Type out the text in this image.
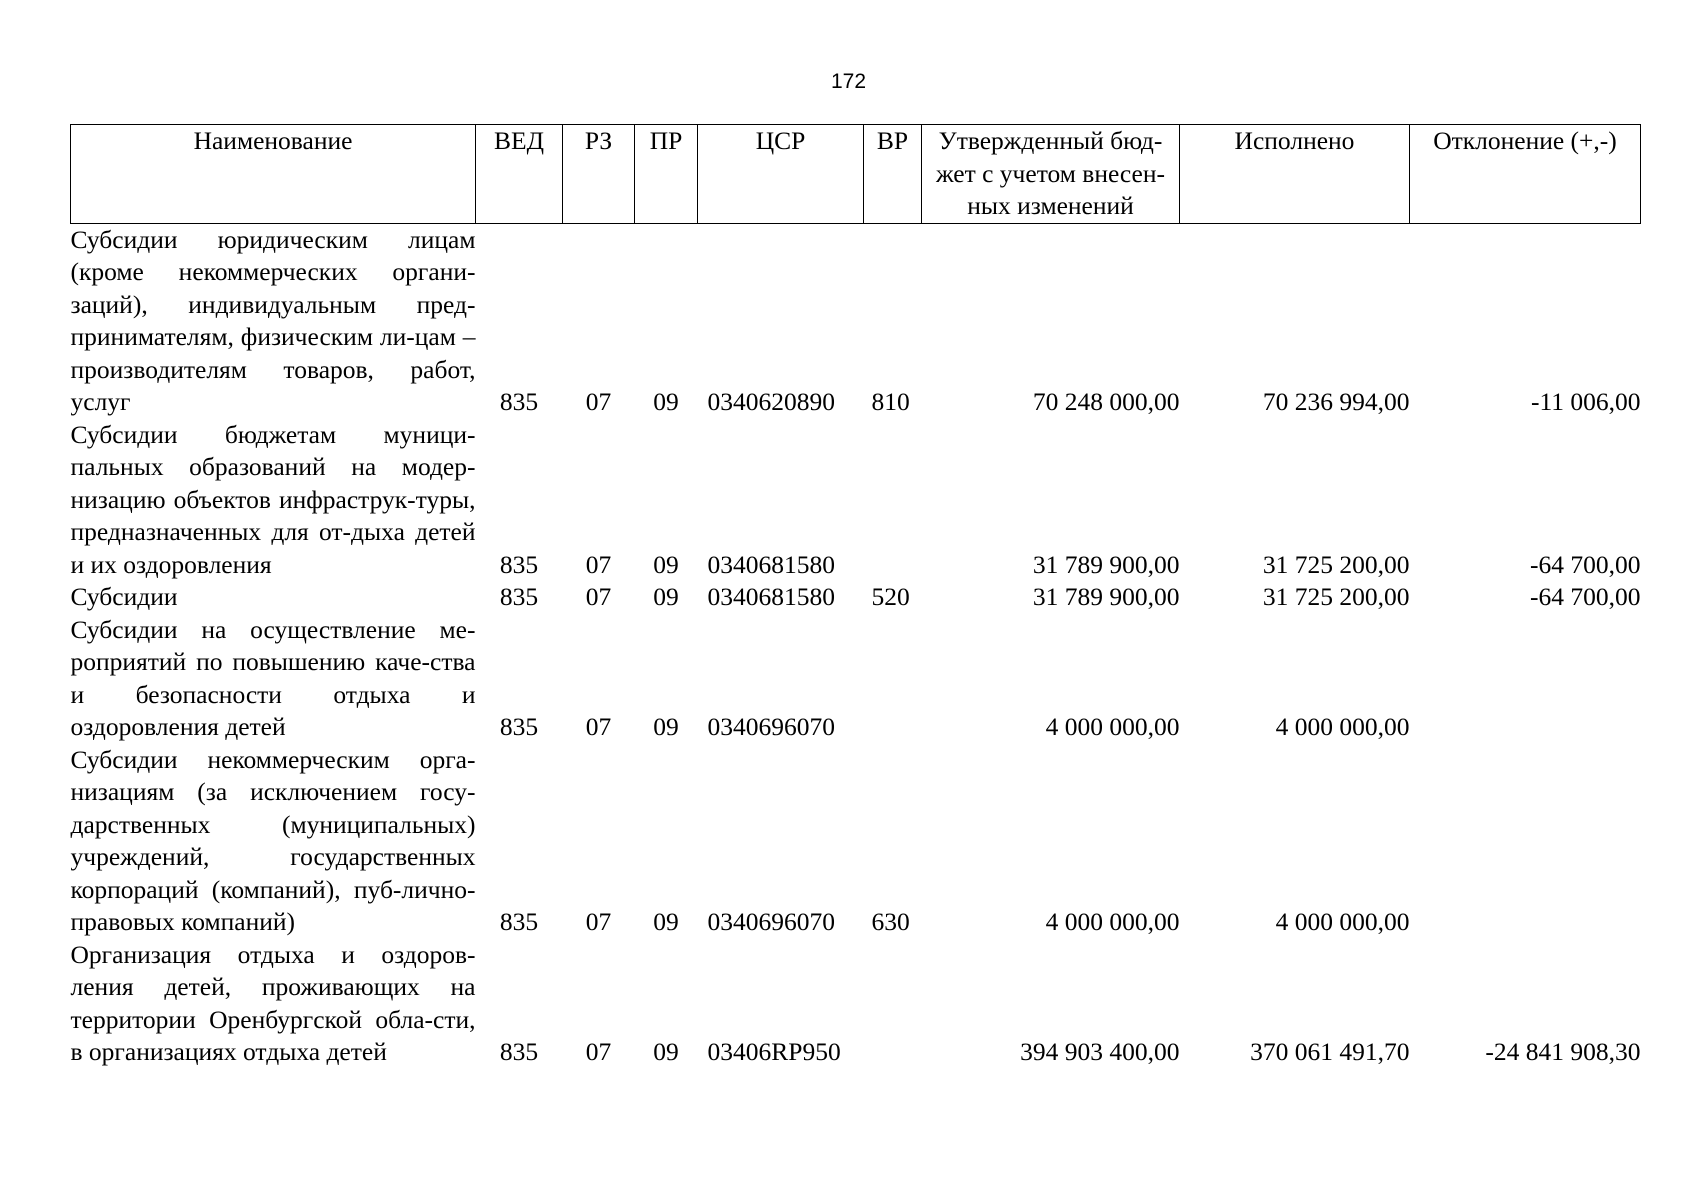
172
Наименование	ВЕД	РЗ	ПР	ЦСР	ВР	Утвержденный бюд-жет с учетом внесен-ных изменений	Исполнено	Отклонение (+,-)
Субсидии юридическим лицам (кроме некоммерческих органи-заций), индивидуальным пред-принимателям, физическим ли-цам – производителям товаров, работ, услуг	835	07	09	0340620890	810	70 248 000,00	70 236 994,00	-11 006,00
Субсидии бюджетам муници-пальных образований на модер-низацию объектов инфраструк-туры, предназначенных для от-дыха детей и их оздоровления	835	07	09	0340681580		31 789 900,00	31 725 200,00	-64 700,00
Субсидии	835	07	09	0340681580	520	31 789 900,00	31 725 200,00	-64 700,00
Субсидии на осуществление ме-роприятий по повышению каче-ства и безопасности отдыха и оздоровления детей	835	07	09	0340696070		4 000 000,00	4 000 000,00	
Субсидии некоммерческим орга-низациям (за исключением госу-дарственных (муниципальных) учреждений, государственных корпораций (компаний), пуб-лично-правовых компаний)	835	07	09	0340696070	630	4 000 000,00	4 000 000,00	
Организация отдыха и оздоров-ления детей, проживающих на территории Оренбургской обла-сти, в организациях отдыха детей	835	07	09	03406RP950		394 903 400,00	370 061 491,70	-24 841 908,30
